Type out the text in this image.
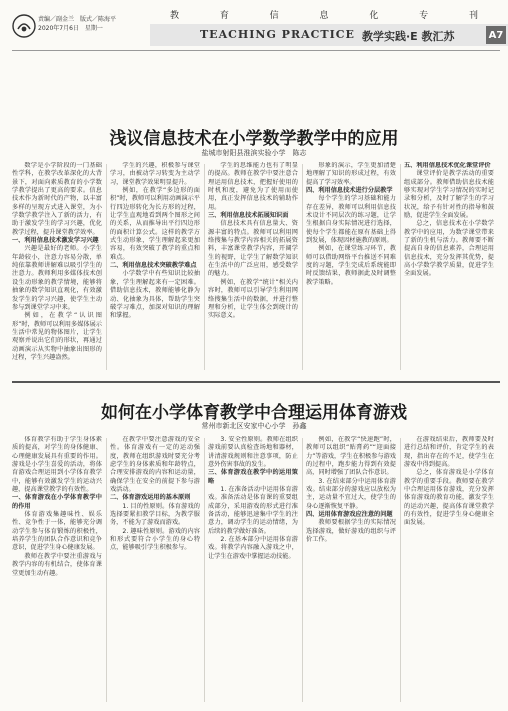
责编／副金兰　版式／陈海平
2020年7月6日　星期一
教	育	信	息	化	专	刊
TEACHING PRACTICE 教学实践·E 教汇苏	A7
浅议信息技术在小学数学教学中的应用
盐城市射阳县淮滨实验小学　陈志

数学是小学阶段的一门基础性学科，在教学改革深化的大背景下，对面向素质教育的小学数学教学提出了更高的要求。信息技术作为新时代的产物，以丰富多样的呈现方式进入课堂，为小学数学教学注入了新的活力，有助于激发学生的学习兴趣，优化教学过程，提升课堂教学效率。

一、利用信息技术激发学习兴趣

兴趣是最好的老师。小学生年龄较小，注意力容易分散，单纯依靠教师讲解难以吸引学生的注意力。教师利用多媒体技术创设生动形象的教学情境，能够将抽象的数学知识直观化，有效激发学生的学习兴趣，使学生主动参与到课堂学习中来。

例如，在教学“认识图形”时，教师可以利用多媒体展示生活中常见的物体图片，让学生观察并说出它们的形状，再通过动画演示从实物中抽象出图形的过程，学生兴趣盎然。

学生的兴趣，积极参与课堂学习，由被动学习转变为主动学习，课堂教学效果明显提升。

例如，在教学“多边形的面积”时，教师可以利用动画演示平行四边形转化为长方形的过程，让学生直观地看到两个图形之间的关系，从而推导出平行四边形的面积计算公式。这样的教学方式生动形象，学生理解起来更加容易，有效突破了教学的重点和难点。

二、利用信息技术突破教学难点

小学数学中有些知识比较抽象，学生理解起来有一定困难。借助信息技术，教师能够化静为动、化抽象为具体，帮助学生突破学习难点，加深对知识的理解和掌握。

学生的思维能力也有了明显的提高。教师在教学中要注意合理运用信息技术，把握好使用的时机和度，避免为了使用而使用，真正发挥信息技术的辅助作用。

三、利用信息技术拓展知识面

信息技术具有信息量大、资源丰富的特点。教师可以利用网络搜集与教学内容相关的拓展资料，丰富课堂教学内容，开阔学生的视野，让学生了解数学知识在生活中的广泛应用，感受数学的魅力。

例如，在教学“统计”相关内容时，教师可以引导学生利用网络搜集生活中的数据，并进行整理和分析，让学生体会到统计的实际意义。

形象的演示，学生更加清楚地理解了知识的形成过程，有效提高了学习效率。

四、利用信息技术进行分层教学

每个学生的学习基础和能力存在差异，教师可以利用信息技术设计不同层次的练习题，让学生根据自身实际情况进行选择，使每个学生都能在原有基础上得到发展，体现因材施教的原则。

例如，在课堂练习环节，教师可以借助网络平台推送不同难度的习题，学生完成后系统能即时反馈结果，教师据此及时调整教学策略。

五、利用信息技术优化课堂评价

课堂评价是教学活动的重要组成部分。教师借助信息技术能够实现对学生学习情况的实时记录和分析，及时了解学生的学习状况，给予有针对性的指导和鼓励，促进学生全面发展。

总之，信息技术在小学数学教学中的应用，为数学课堂带来了新的生机与活力。教师要不断提高自身的信息素养，合理运用信息技术，充分发挥其优势，提高小学数学教学质量，促进学生全面发展。

如何在小学体育教学中合理运用体育游戏
常州市新北区安家中心小学　孙鑫

体育教学有助于学生身体素质的提高，对学生的身体健康、心理健康发展具有重要的作用。游戏是小学生喜爱的活动，将体育游戏合理运用到小学体育教学中，能够有效激发学生的运动兴趣，提高课堂教学的有效性。

一、体育游戏在小学体育教学中的作用

体育游戏集趣味性、娱乐性、竞争性于一体，能够充分调动学生参与体育锻炼的积极性，培养学生的团队合作意识和竞争意识，促进学生身心健康发展。

教师在教学中要注重游戏与教学内容的有机结合，使体育课堂更加生动有趣。

在教学中要注意游戏的安全性。体育游戏有一定的运动强度，教师在组织游戏时要充分考虑学生的身体素质和年龄特点，合理安排游戏的内容和运动量，确保学生在安全的前提下参与游戏活动。

二、体育游戏运用的基本原则

1. 目的性原则。体育游戏的选择要紧扣教学目标，为教学服务，不能为了游戏而游戏。

2. 趣味性原则。游戏的内容和形式要符合小学生的身心特点，能够吸引学生积极参与。

3. 安全性原则。教师在组织游戏前要认真检查场地和器材，讲清游戏规则和注意事项，防止意外伤害事故的发生。

三、体育游戏在教学中的运用策略

1. 在准备活动中运用体育游戏。准备活动是体育课的重要组成部分，采用游戏的形式进行准备活动，能够迅速集中学生的注意力，调动学生的运动情绪，为后续的教学做好准备。

2. 在基本部分中运用体育游戏。将教学内容融入游戏之中，让学生在游戏中掌握运动技能。

例如，在教学“快速跑”时，教师可以组织“贴膏药”“迎面接力”等游戏，学生在积极参与游戏的过程中，跑步能力得到有效提高，同时增强了团队合作意识。

3. 在结束部分中运用体育游戏。结束部分的游戏应以放松为主，运动量不宜过大，使学生的身心逐渐恢复平静。

四、运用体育游戏应注意的问题

教师要根据学生的实际情况选择游戏，做好游戏的组织与评价工作。

在游戏结束后，教师要及时进行总结和评价，肯定学生的表现，指出存在的不足，使学生在游戏中得到提高。

总之，体育游戏是小学体育教学的重要手段。教师要在教学中合理运用体育游戏，充分发挥体育游戏的教育功能，激发学生的运动兴趣，提高体育课堂教学的有效性，促进学生身心健康全面发展。
